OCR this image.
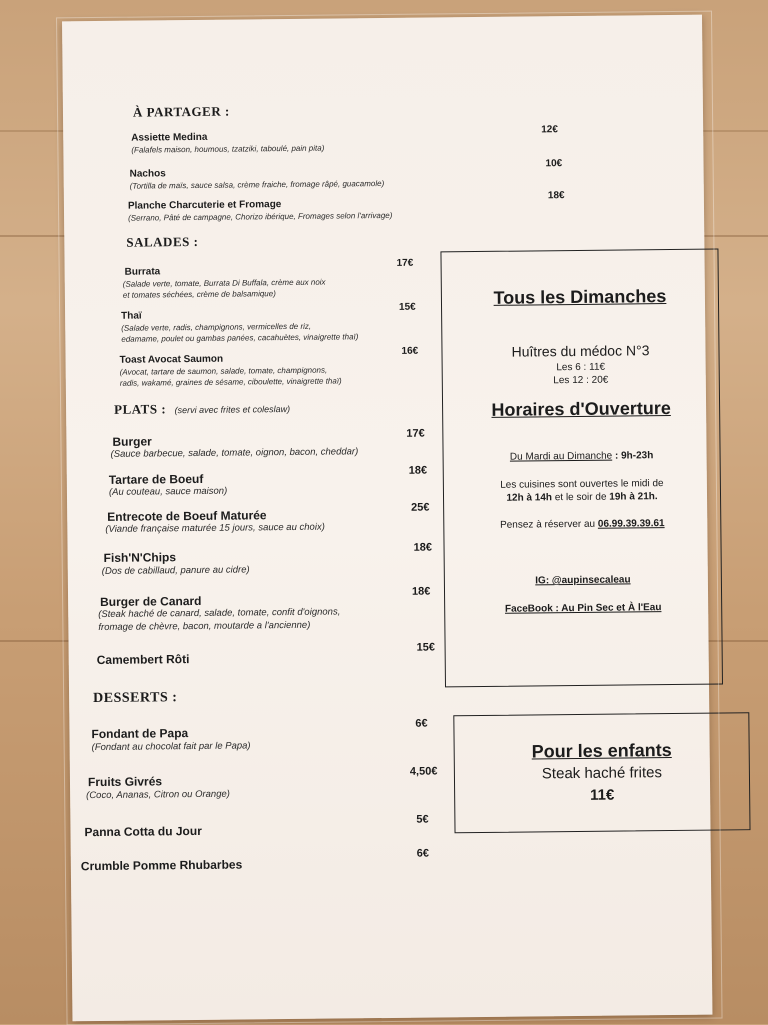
À PARTAGER :
Assiette Medina
(Falafels maison, houmous, tzatziki, taboulé, pain pita)
12€
Nachos
(Tortilla de maïs, sauce salsa, crème fraiche, fromage râpé, guacamole)
10€
Planche Charcuterie et Fromage
(Serrano, Pâté de campagne, Chorizo ibérique, Fromages selon l'arrivage)
18€
SALADES :
Burrata
(Salade verte, tomate, Burrata Di Buffala, crème aux noix
et tomates séchées, crème de balsamique)
17€
Thaï
(Salade verte, radis, champignons, vermicelles de riz,
edamame, poulet ou gambas panées, cacahuètes, vinaigrette thaï)
15€
Toast Avocat Saumon
(Avocat, tartare de saumon, salade, tomate, champignons,
radis, wakamé, graines de sésame, ciboulette, vinaigrette thaï)
16€
PLATS : (servi avec frites et coleslaw)
Burger
(Sauce barbecue, salade, tomate, oignon, bacon, cheddar)
17€
Tartare de Boeuf
(Au couteau, sauce maison)
18€
Entrecote de Boeuf Maturée
(Viande française maturée 15 jours, sauce au choix)
25€
Fish'N'Chips
(Dos de cabillaud, panure au cidre)
18€
Burger de Canard
(Steak haché de canard, salade, tomate, confit d'oignons,
fromage de chèvre, bacon, moutarde a l'ancienne)
18€
Camembert Rôti
15€
DESSERTS :
Fondant de Papa
(Fondant au chocolat fait par le Papa)
6€
Fruits Givrés
(Coco, Ananas, Citron ou Orange)
4,50€
Panna Cotta du Jour
5€
Crumble Pomme Rhubarbes
6€
Tous les Dimanches
Huîtres du médoc N°3
Les 6 : 11€
Les 12 : 20€
Horaires d'Ouverture
Du Mardi au Dimanche : 9h-23h
Les cuisines sont ouvertes le midi de
12h à 14h et le soir de 19h à 21h.
Pensez à réserver au 06.99.39.39.61
IG: @aupinsecaleau
FaceBook : Au Pin Sec et À l'Eau
Pour les enfants
Steak haché frites
11€
